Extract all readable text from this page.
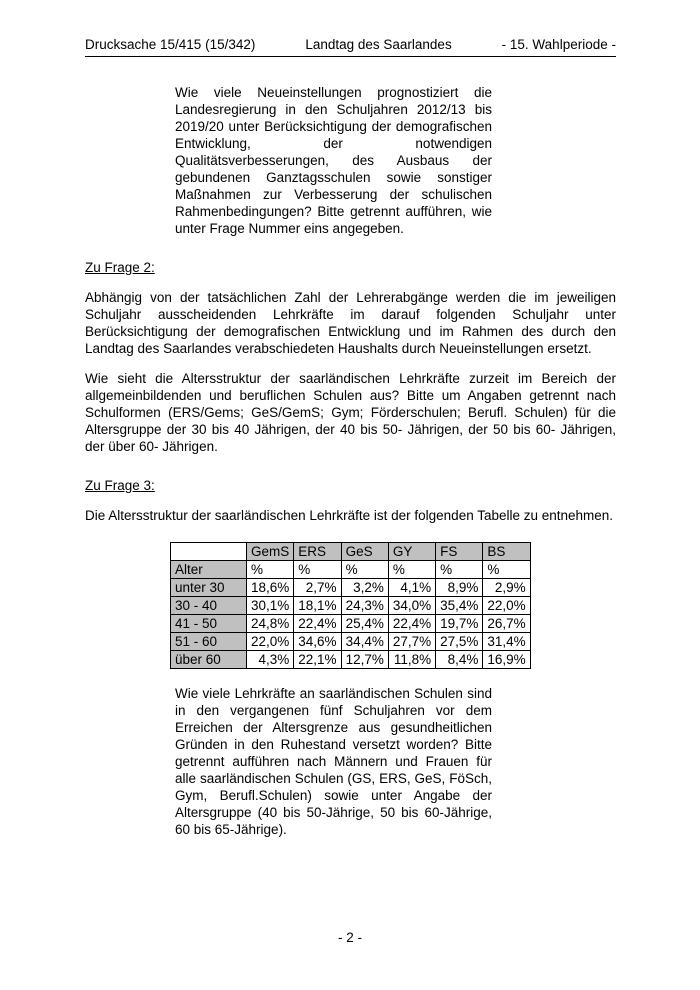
Drucksache 15/415 (15/342)	Landtag des Saarlandes	- 15. Wahlperiode -
Wie viele Neueinstellungen prognostiziert die Landesregierung in den Schuljahren 2012/13 bis 2019/20 unter Berücksichtigung der demografischen Entwicklung, der notwendigen Qualitätsverbesserungen, des Ausbaus der gebundenen Ganztagsschulen sowie sonstiger Maßnahmen zur Verbesserung der schulischen Rahmenbedingungen? Bitte getrennt aufführen, wie unter Frage Nummer eins angegeben.
Zu Frage 2:

Abhängig von der tatsächlichen Zahl der Lehrerabgänge werden die im jeweiligen Schuljahr ausscheidenden Lehrkräfte im darauf folgenden Schuljahr unter Berücksichtigung der demografischen Entwicklung und im Rahmen des durch den Landtag des Saarlandes verabschiedeten Haushalts durch Neueinstellungen ersetzt.

Wie sieht die Altersstruktur der saarländischen Lehrkräfte zurzeit im Bereich der allgemeinbildenden und beruflichen Schulen aus? Bitte um Angaben getrennt nach Schulformen (ERS/Gems; GeS/GemS; Gym; Förderschulen; Berufl. Schulen) für die Altersgruppe der 30 bis 40 Jährigen, der 40 bis 50- Jährigen, der 50 bis 60- Jährigen, der über 60- Jährigen.

Zu Frage 3:

Die Altersstruktur der saarländischen Lehrkräfte ist der folgenden Tabelle zu entnehmen.

	GemS	ERS	GeS	GY	FS	BS
Alter	%	%	%	%	%	%
unter 30	18,6%	2,7%	3,2%	4,1%	8,9%	2,9%
30 - 40	30,1%	18,1%	24,3%	34,0%	35,4%	22,0%
41 - 50	24,8%	22,4%	25,4%	22,4%	19,7%	26,7%
51 - 60	22,0%	34,6%	34,4%	27,7%	27,5%	31,4%
über 60	4,3%	22,1%	12,7%	11,8%	8,4%	16,9%
Wie viele Lehrkräfte an saarländischen Schulen sind in den vergangenen fünf Schuljahren vor dem Erreichen der Altersgrenze aus gesundheitlichen Gründen in den Ruhestand versetzt worden? Bitte getrennt aufführen nach Männern und Frauen für alle saarländischen Schulen (GS, ERS, GeS, FöSch, Gym, Berufl.Schulen) sowie unter Angabe der Altersgruppe (40 bis 50-Jährige, 50 bis 60-Jährige, 60 bis 65-Jährige).
- 2 -
